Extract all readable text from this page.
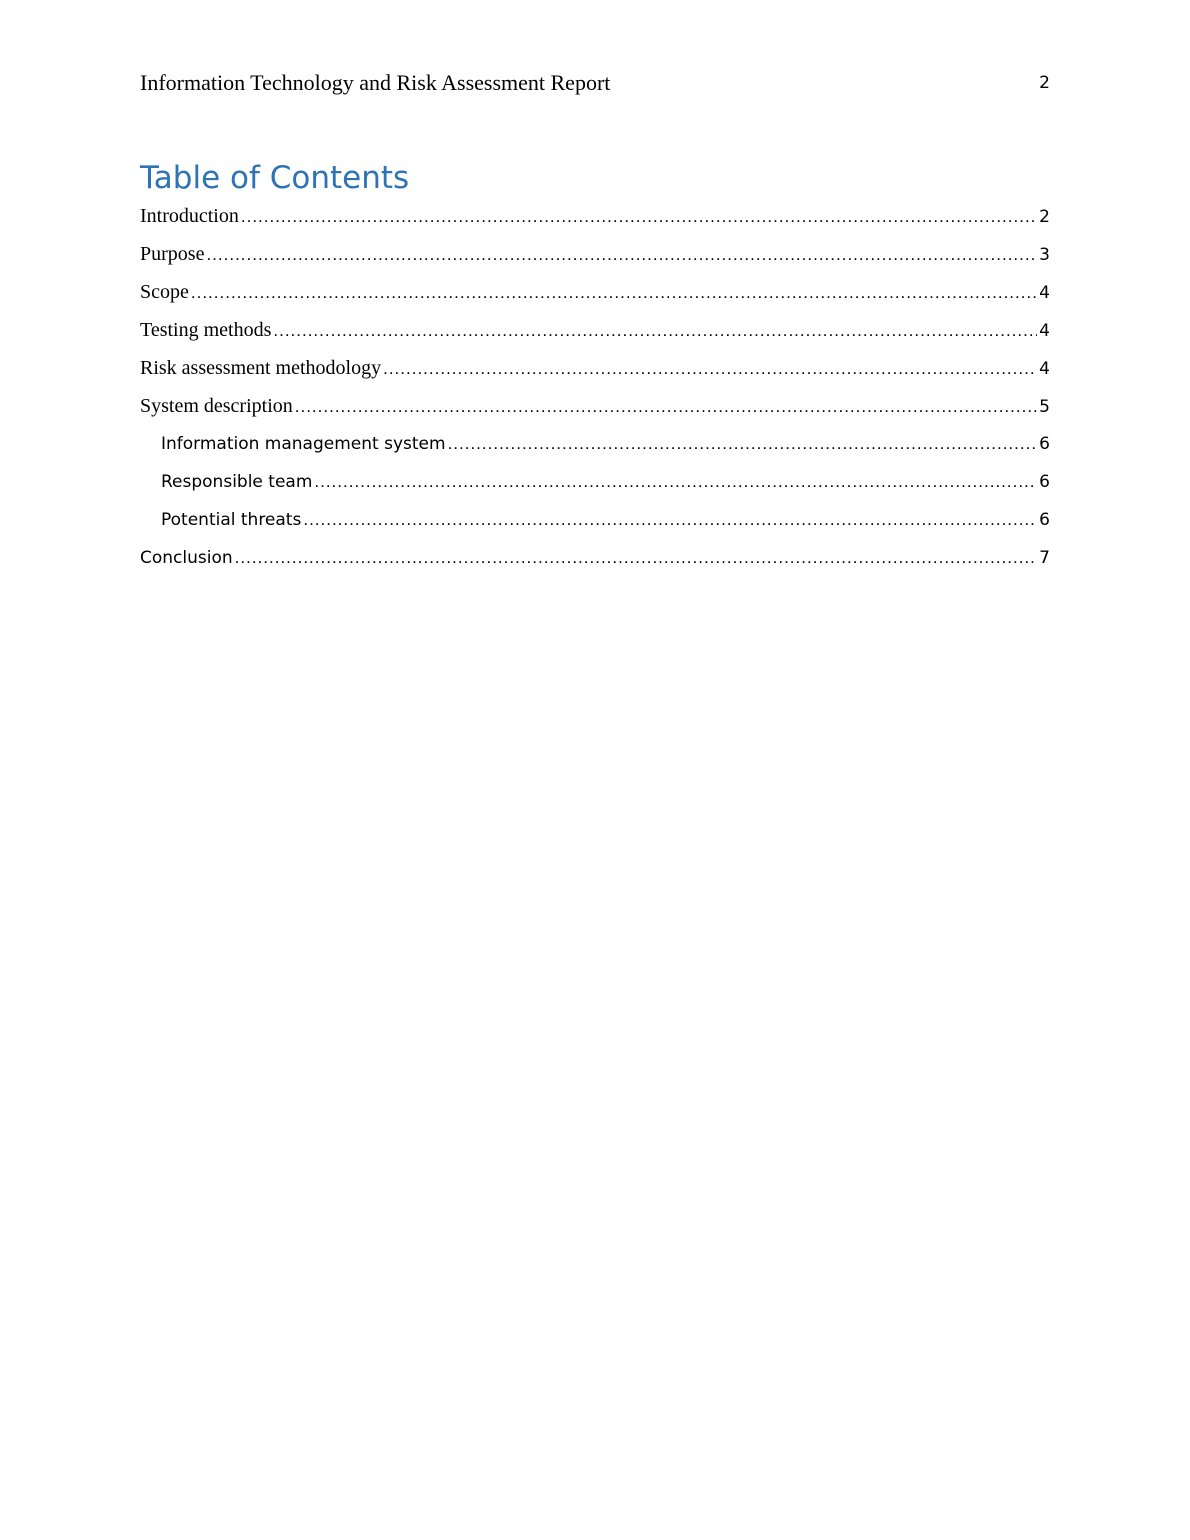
Information Technology and Risk Assessment Report	2
Table of Contents
Introduction .....	2
Purpose .....	3
Scope .....	4
Testing methods .....	4
Risk assessment methodology .....	4
System description .....	5
Information management system .....	6
Responsible team .....	6
Potential threats .....	6
Conclusion .....	7
